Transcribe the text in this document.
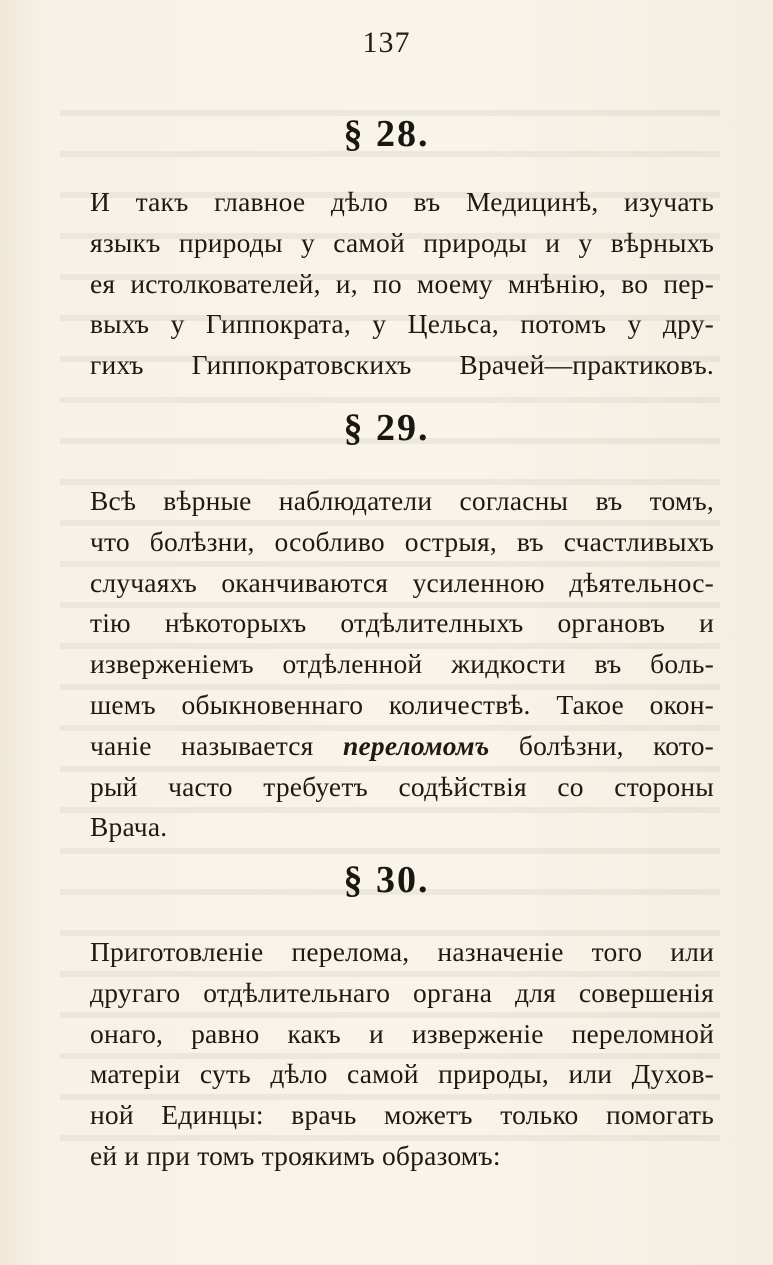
137
§ 28.
И такъ главное дѣло въ Медицинѣ, изучать
языкъ природы у самой природы и у вѣрныхъ
ея истолкователей, и, по моему мнѣнію, во пер-
выхъ у Гиппократа, у Цельса, потомъ у дру-
гихъ Гиппократовскихъ Врачей—практиковъ.
§ 29.
Всѣ вѣрные наблюдатели согласны въ томъ,
что болѣзни, особливо острыя, въ счастливыхъ
случаяхъ оканчиваются усиленною дѣятельнос-
тію нѣкоторыхъ отдѣлителныхъ органовъ и
изверженіемъ отдѣленной жидкости въ боль-
шемъ обыкновеннаго количествѣ. Такое окон-
чаніе называется переломомъ болѣзни, кото-
рый часто требуетъ содѣйствія со стороны
Врача.
§ 30.
Приготовленіе перелома, назначеніе того или
другаго отдѣлительнаго органа для совершенія
онаго, равно какъ и изверженіе переломной
матеріи суть дѣло самой природы, или Духов-
ной Единцы: врачь можетъ только помогать
ей и при томъ троякимъ образомъ:
